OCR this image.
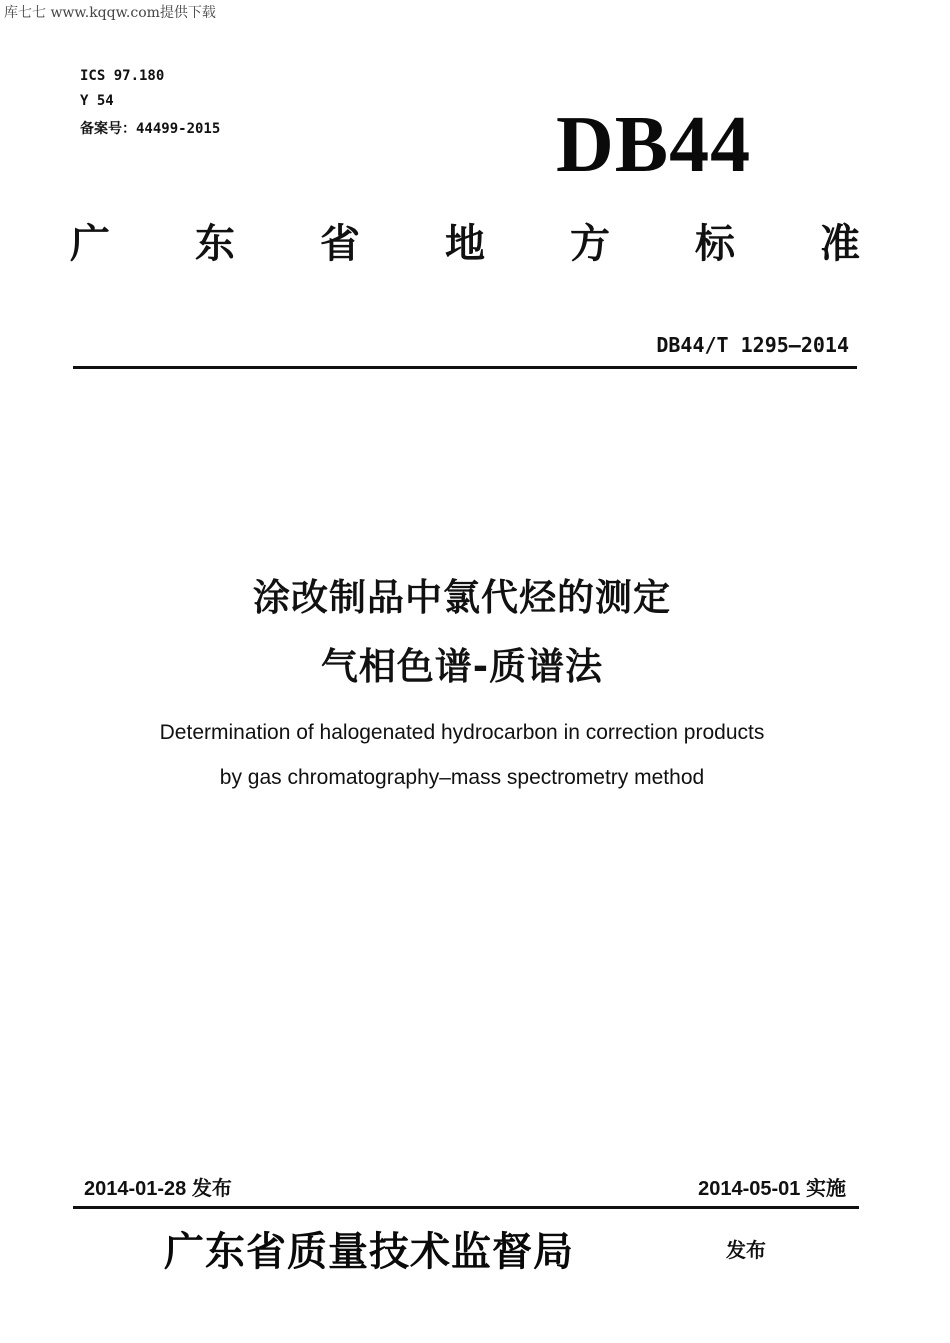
库七七 www.kqqw.com提供下载
ICS 97.180
Y 54
备案号：44499-2015	DB44
广 东 省 地 方 标 准
DB44/T 1295—2014
涂改制品中氯代烃的测定
气相色谱-质谱法
Determination of halogenated hydrocarbon in correction products
by gas chromatography–mass spectrometry method
2014-01-28 发布	2014-05-01 实施
广东省质量技术监督局	发布
